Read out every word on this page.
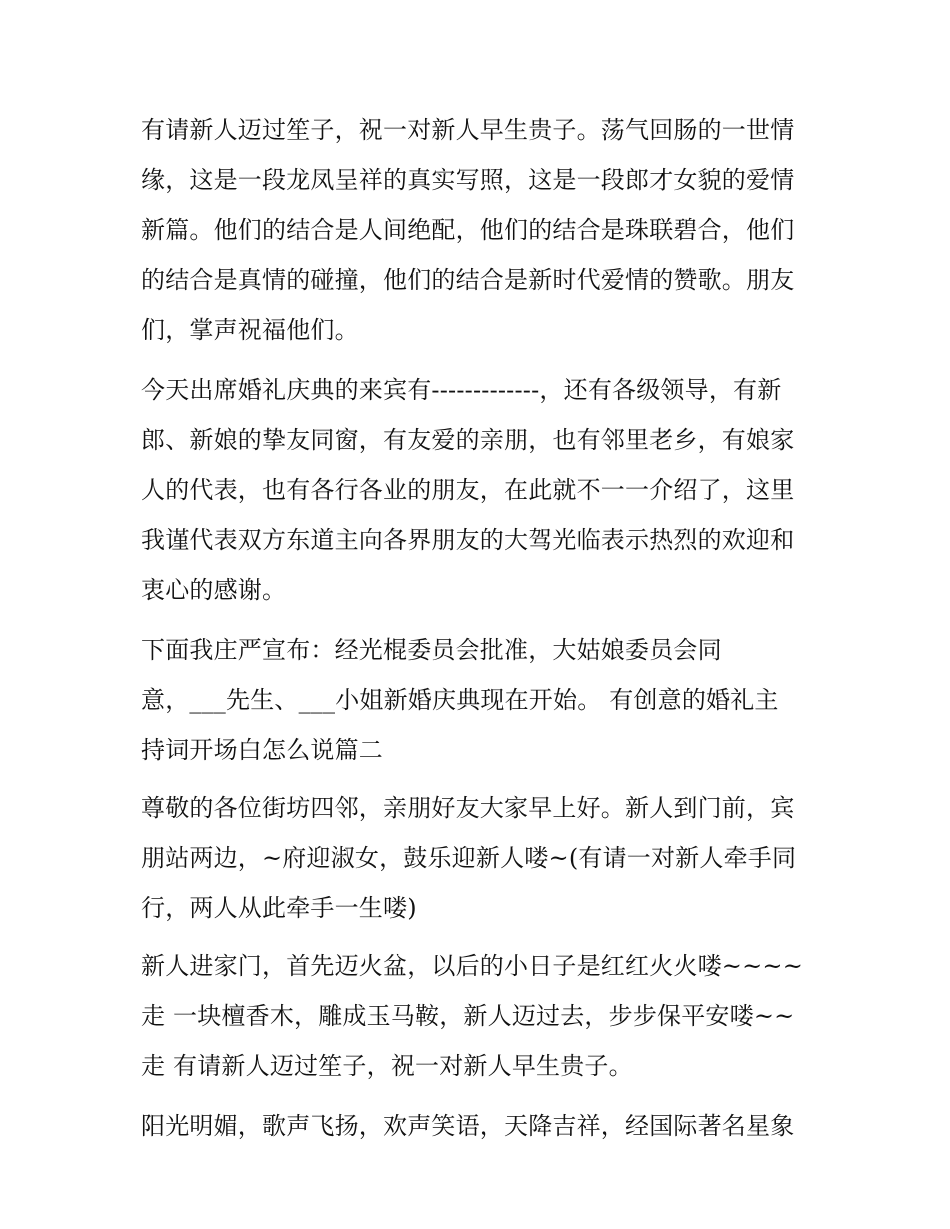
有请新人迈过笙子，祝一对新人早生贵子。荡气回肠的一世情
缘，这是一段龙凤呈祥的真实写照，这是一段郎才女貌的爱情
新篇。他们的结合是人间绝配，他们的结合是珠联碧合，他们
的结合是真情的碰撞，他们的结合是新时代爱情的赞歌。朋友
们，掌声祝福他们。
今天出席婚礼庆典的来宾有-------------，还有各级领导，有新
郎、新娘的挚友同窗，有友爱的亲朋，也有邻里老乡，有娘家
人的代表，也有各行各业的朋友，在此就不一一介绍了，这里
我谨代表双方东道主向各界朋友的大驾光临表示热烈的欢迎和
衷心的感谢。
下面我庄严宣布：经光棍委员会批准，大姑娘委员会同
意，___先生、___小姐新婚庆典现在开始。 有创意的婚礼主
持词开场白怎么说篇二
尊敬的各位街坊四邻，亲朋好友大家早上好。新人到门前，宾
朋站两边，~府迎淑女，鼓乐迎新人喽~(有请一对新人牵手同
行，两人从此牵手一生喽)
新人进家门，首先迈火盆，以后的小日子是红红火火喽~~~~
走 一块檀香木，雕成玉马鞍，新人迈过去，步步保平安喽~~
走 有请新人迈过笙子，祝一对新人早生贵子。
阳光明媚，歌声飞扬，欢声笑语，天降吉祥，经国际著名星象
